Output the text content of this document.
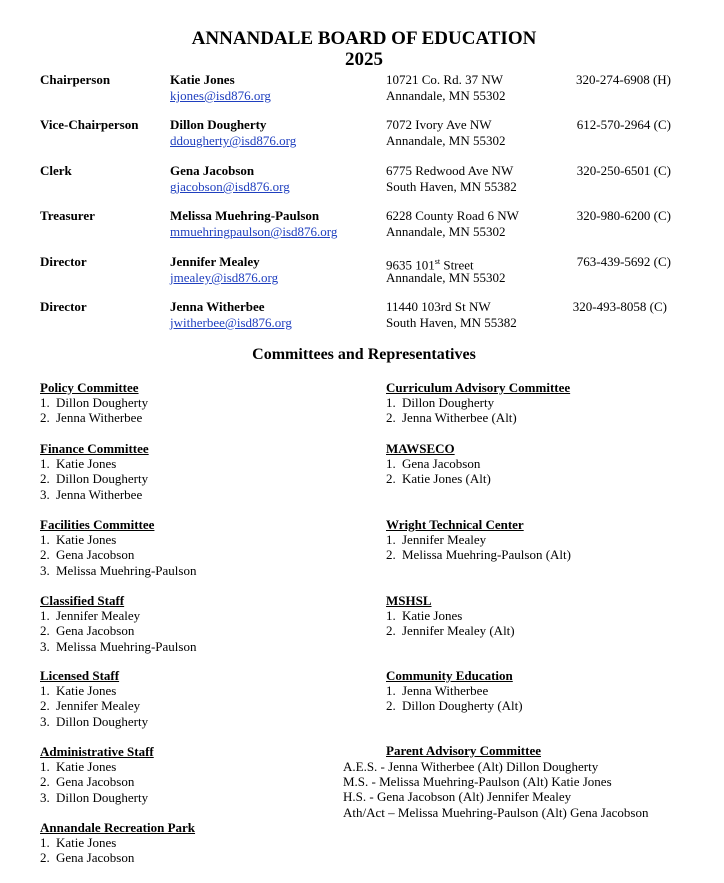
ANNANDALE BOARD OF EDUCATION
2025
Chairperson	Katie Jones
kjones@isd876.org
10721 Co. Rd. 37 NW
Annandale, MN 55302
320-274-6908 (H)
Vice-Chairperson Dillon Dougherty
ddougherty@isd876.org
7072 Ivory Ave NW
Annandale, MN 55302
612-570-2964 (C)
Clerk	Gena Jacobson
gjacobson@isd876.org
6775 Redwood Ave NW
South Haven, MN 55382
320-250-6501 (C)
Treasurer	Melissa Muehring-Paulson
mmuehringpaulson@isd876.org
6228 County Road 6 NW
Annandale, MN 55302
320-980-6200 (C)
Director	Jennifer Mealey
jmealey@isd876.org
9635 101st Street
Annandale, MN 55302
763-439-5692 (C)
Director	Jenna Witherbee
jwitherbee@isd876.org
11440 103rd St NW
South Haven, MN 55382
320-493-8058 (C)
Committees and Representatives
Policy Committee
1. Dillon Dougherty
2. Jenna Witherbee
Finance Committee
1. Katie Jones
2. Dillon Dougherty
3. Jenna Witherbee
Facilities Committee
1. Katie Jones
2. Gena Jacobson
3. Melissa Muehring-Paulson
Classified Staff
1. Jennifer Mealey
2. Gena Jacobson
3. Melissa Muehring-Paulson
Licensed Staff
1. Katie Jones
2. Jennifer Mealey
3. Dillon Dougherty
Administrative Staff
1. Katie Jones
2. Gena Jacobson
3. Dillon Dougherty
Annandale Recreation Park
1. Katie Jones
2. Gena Jacobson
Curriculum Advisory Committee
1. Dillon Dougherty
2. Jenna Witherbee (Alt)
MAWSECO
1. Gena Jacobson
2. Katie Jones (Alt)
Wright Technical Center
1. Jennifer Mealey
2. Melissa Muehring-Paulson (Alt)
MSHSL
1. Katie Jones
2. Jennifer Mealey (Alt)
Community Education
1. Jenna Witherbee
2. Dillon Dougherty (Alt)
Parent Advisory Committee
A.E.S. - Jenna Witherbee (Alt) Dillon Dougherty
M.S. - Melissa Muehring-Paulson (Alt) Katie Jones
H.S. - Gena Jacobson (Alt) Jennifer Mealey
Ath/Act – Melissa Muehring-Paulson (Alt) Gena Jacobson
